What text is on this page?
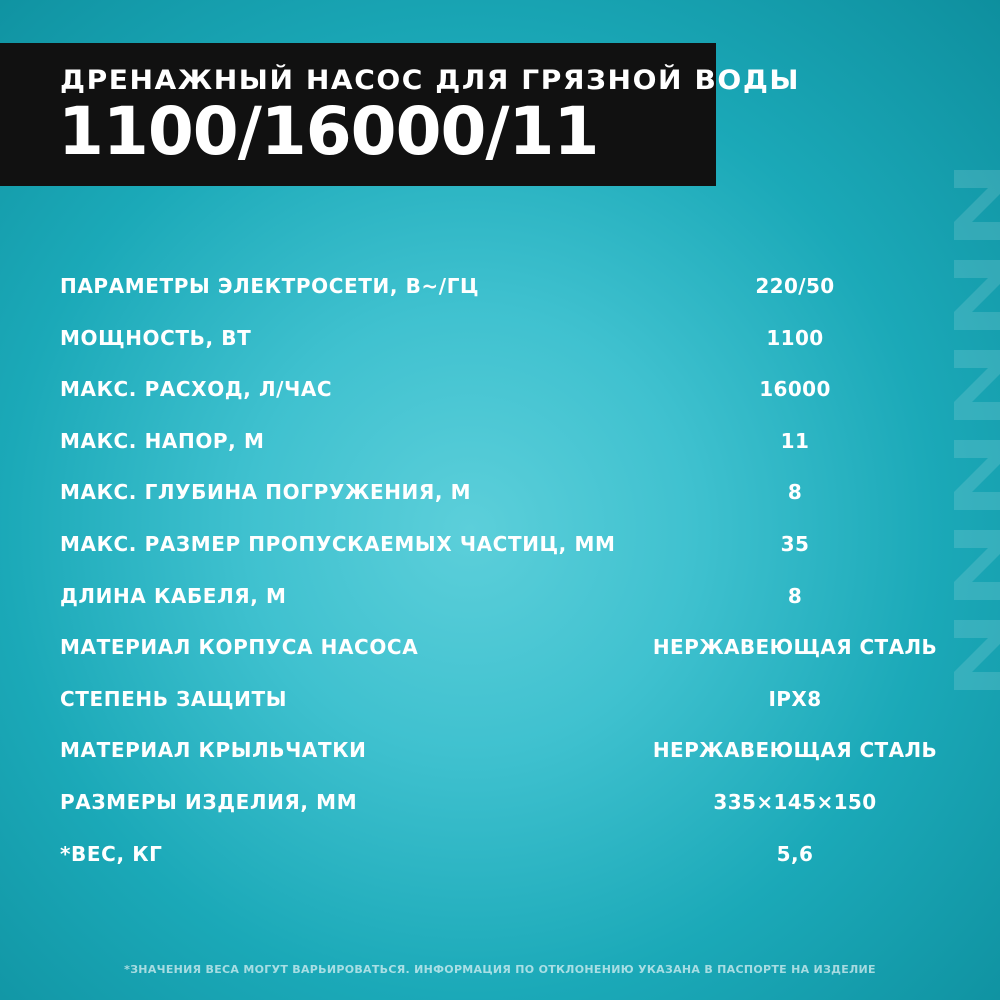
ДРЕНАЖНЫЙ НАСОС ДЛЯ ГРЯЗНОЙ ВОДЫ
1100/16000/11
ПАРАМЕТРЫ ЭЛЕКТРОСЕТИ, В~/ГЦ	220/50
МОЩНОСТЬ, ВТ	1100
МАКС. РАСХОД, Л/ЧАС	16000
МАКС. НАПОР, М	11
МАКС. ГЛУБИНА ПОГРУЖЕНИЯ, М	8
МАКС. РАЗМЕР ПРОПУСКАЕМЫХ ЧАСТИЦ, ММ	35
ДЛИНА КАБЕЛЯ, М	8
МАТЕРИАЛ КОРПУСА НАСОСА	НЕРЖАВЕЮЩАЯ СТАЛЬ
СТЕПЕНЬ ЗАЩИТЫ	IPX8
МАТЕРИАЛ КРЫЛЬЧАТКИ	НЕРЖАВЕЮЩАЯ СТАЛЬ
РАЗМЕРЫ ИЗДЕЛИЯ, ММ	335×145×150
*ВЕС, КГ	5,6
*ЗНАЧЕНИЯ ВЕСА МОГУТ ВАРЬИРОВАТЬСЯ. ИНФОРМАЦИЯ ПО ОТКЛОНЕНИЮ УКАЗАНА В ПАСПОРТЕ НА ИЗДЕЛИЕ
